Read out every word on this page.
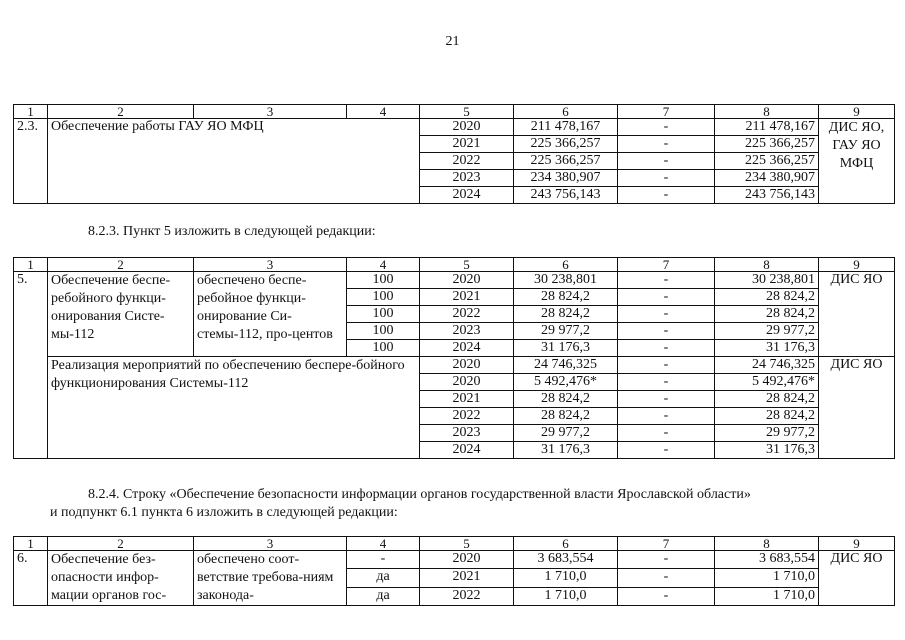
21
1	2	3	4	5	6	7	8	9
2.3.	Обеспечение работы ГАУ ЯО МФЦ			2020	211 478,167	-	211 478,167	ДИС ЯО, ГАУ ЯО МФЦ
				2021	225 366,257	-	225 366,257	
				2022	225 366,257	-	225 366,257	
				2023	234 380,907	-	234 380,907	
				2024	243 756,143	-	243 756,143	
8.2.3. Пункт 5 изложить в следующей редакции:
1	2	3	4	5	6	7	8	9
5.	Обеспечение беспе-ребойного функци-онирования Систе-мы-112	обеспечено беспе-ребойное функци-онирование Си-стемы-112, про-центов	100	2020	30 238,801	-	30 238,801	ДИС ЯО
			100	2021	28 824,2	-	28 824,2	
			100	2022	28 824,2	-	28 824,2	
			100	2023	29 977,2	-	29 977,2	
			100	2024	31 176,3	-	31 176,3	
	Реализация мероприятий по обеспечению беспере-бойного функционирования Системы-112			2020	24 746,325	-	24 746,325	ДИС ЯО
				2020	5 492,476*	-	5 492,476*	
				2021	28 824,2	-	28 824,2	
				2022	28 824,2	-	28 824,2	
				2023	29 977,2	-	29 977,2	
				2024	31 176,3	-	31 176,3	
8.2.4. Строку «Обеспечение безопасности информации органов государственной власти Ярославской области»
и подпункт 6.1 пункта 6 изложить в следующей редакции:
1	2	3	4	5	6	7	8	9
6.	Обеспечение без-опасности инфор-мации органов гос-	обеспечено соот-ветствие требова-ниям законода-	-	2020	3 683,554	-	3 683,554	ДИС ЯО
			да	2021	1 710,0	-	1 710,0	
			да	2022	1 710,0	-	1 710,0	
